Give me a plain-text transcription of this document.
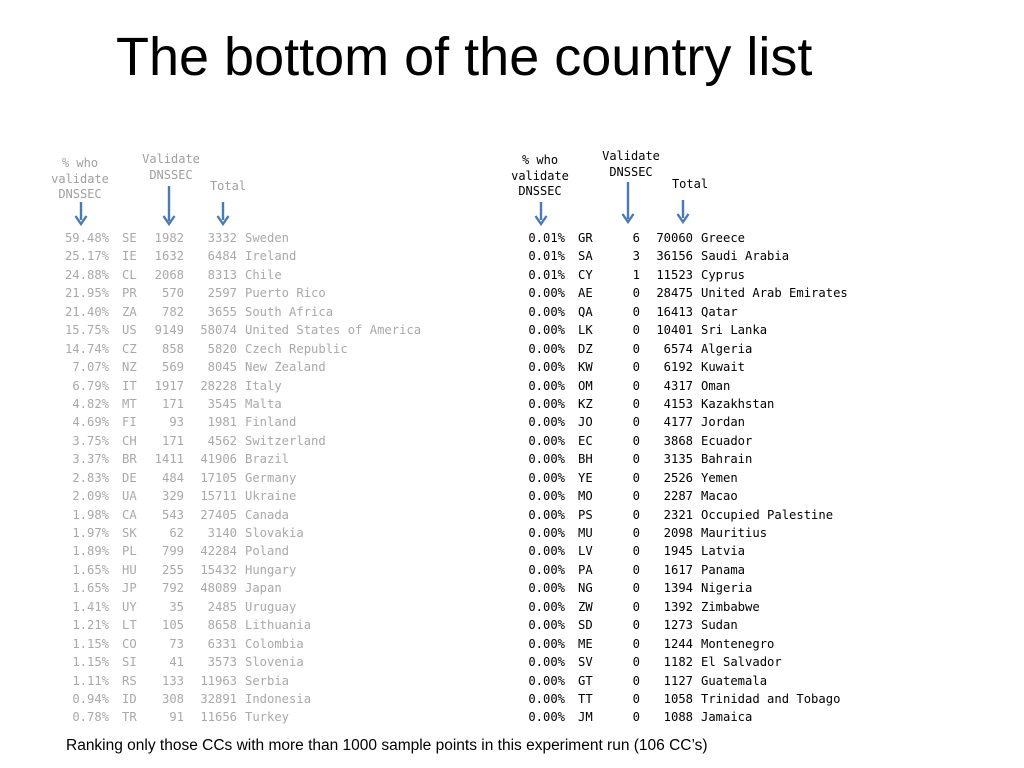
The bottom of the country list
% who
validate
DNSSEC
Validate
DNSSEC
Total
59.48% SE 1982 3332 Sweden
25.17% IE 1632 6484 Ireland
24.88% CL 2068 8313 Chile
21.95% PR 570 2597 Puerto Rico
21.40% ZA 782 3655 South Africa
15.75% US 9149 58074 United States of America
14.74% CZ 858 5820 Czech Republic
7.07% NZ 569 8045 New Zealand
6.79% IT 1917 28228 Italy
4.82% MT 171 3545 Malta
4.69% FI	93 1981 Finland
3.75% CH 171 4562 Switzerland
3.37% BR 1411 41906 Brazil
2.83% DE 484 17105 Germany
2.09% UA 329 15711 Ukraine
1.98% CA 543 27405 Canada
1.97% SK	62 3140 Slovakia
1.89% PL 799 42284 Poland
1.65% HU 255 15432 Hungary
1.65% JP 792 48089 Japan
1.41% UY	35 2485 Uruguay
1.21% LT 105 8658 Lithuania
1.15% CO	73 6331 Colombia
1.15% SI	41 3573 Slovenia
1.11% RS 133 11963 Serbia
0.94% ID 308 32891 Indonesia
0.78% TR	91 11656 Turkey
% who
validate
DNSSEC
Validate
DNSSEC
Total
0.01% GR	6 70060 Greece
0.01% SA	3 36156 Saudi Arabia
0.01% CY	1 11523 Cyprus
0.00% AE	0 28475 United Arab Emirates
0.00% QA	0 16413 Qatar
0.00% LK	0 10401 Sri Lanka
0.00% DZ	0 6574 Algeria
0.00% KW	0 6192 Kuwait
0.00% OM	0 4317 Oman
0.00% KZ	0 4153 Kazakhstan
0.00% JO	0 4177 Jordan
0.00% EC	0 3868 Ecuador
0.00% BH	0 3135 Bahrain
0.00% YE	0 2526 Yemen
0.00% MO	0 2287 Macao
0.00% PS	0 2321 Occupied Palestine
0.00% MU	0 2098 Mauritius
0.00% LV	0 1945 Latvia
0.00% PA	0 1617 Panama
0.00% NG	0 1394 Nigeria
0.00% ZW	0 1392 Zimbabwe
0.00% SD	0 1273 Sudan
0.00% ME	0 1244 Montenegro
0.00% SV	0 1182 El Salvador
0.00% GT	0 1127 Guatemala
0.00% TT	0 1058 Trinidad and Tobago
0.00% JM	0 1088 Jamaica
Ranking only those CCs with more than 1000 sample points in this experiment run (106 CC’s)
